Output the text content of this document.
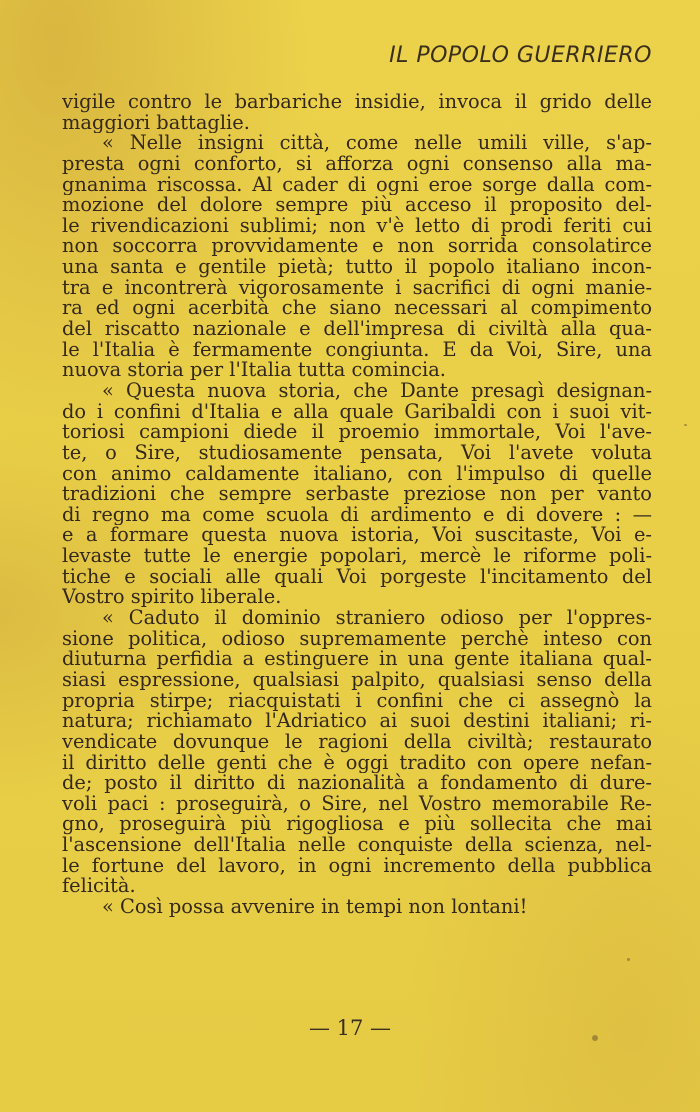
IL POPOLO GUERRIERO
vigile contro le barbariche insidie, invoca il grido delle
maggiori battaglie.
« Nelle insigni città, come nelle umili ville, s'ap-
presta ogni conforto, si afforza ogni consenso alla ma-
gnanima riscossa. Al cader di ogni eroe sorge dalla com-
mozione del dolore sempre più acceso il proposito del-
le rivendicazioni sublimi; non v'è letto di prodi feriti cui
non soccorra provvidamente e non sorrida consolatirce
una santa e gentile pietà; tutto il popolo italiano incon-
tra e incontrerà vigorosamente i sacrifici di ogni manie-
ra ed ogni acerbità che siano necessari al compimento
del riscatto nazionale e dell'impresa di civiltà alla qua-
le l'Italia è fermamente congiunta. E da Voi, Sire, una
nuova storia per l'Italia tutta comincia.
« Questa nuova storia, che Dante presagì designan-
do i confini d'Italia e alla quale Garibaldi con i suoi vit-
toriosi campioni diede il proemio immortale, Voi l'ave-
te, o Sire, studiosamente pensata, Voi l'avete voluta
con animo caldamente italiano, con l'impulso di quelle
tradizioni che sempre serbaste preziose non per vanto
di regno ma come scuola di ardimento e di dovere : —
e a formare questa nuova istoria, Voi suscitaste, Voi e-
levaste tutte le energie popolari, mercè le riforme poli-
tiche e sociali alle quali Voi porgeste l'incitamento del
Vostro spirito liberale.
« Caduto il dominio straniero odioso per l'oppres-
sione politica, odioso supremamente perchè inteso con
diuturna perfidia a estinguere in una gente italiana qual-
siasi espressione, qualsiasi palpito, qualsiasi senso della
propria stirpe; riacquistati i confini che ci assegnò la
natura; richiamato l'Adriatico ai suoi destini italiani; ri-
vendicate dovunque le ragioni della civiltà; restaurato
il diritto delle genti che è oggi tradito con opere nefan-
de; posto il diritto di nazionalità a fondamento di dure-
voli paci : proseguirà, o Sire, nel Vostro memorabile Re-
gno, proseguirà più rigogliosa e più sollecita che mai
l'ascensione dell'Italia nelle conquiste della scienza, nel-
le fortune del lavoro, in ogni incremento della pubblica
felicità.
« Così possa avvenire in tempi non lontani!
— 17 —
